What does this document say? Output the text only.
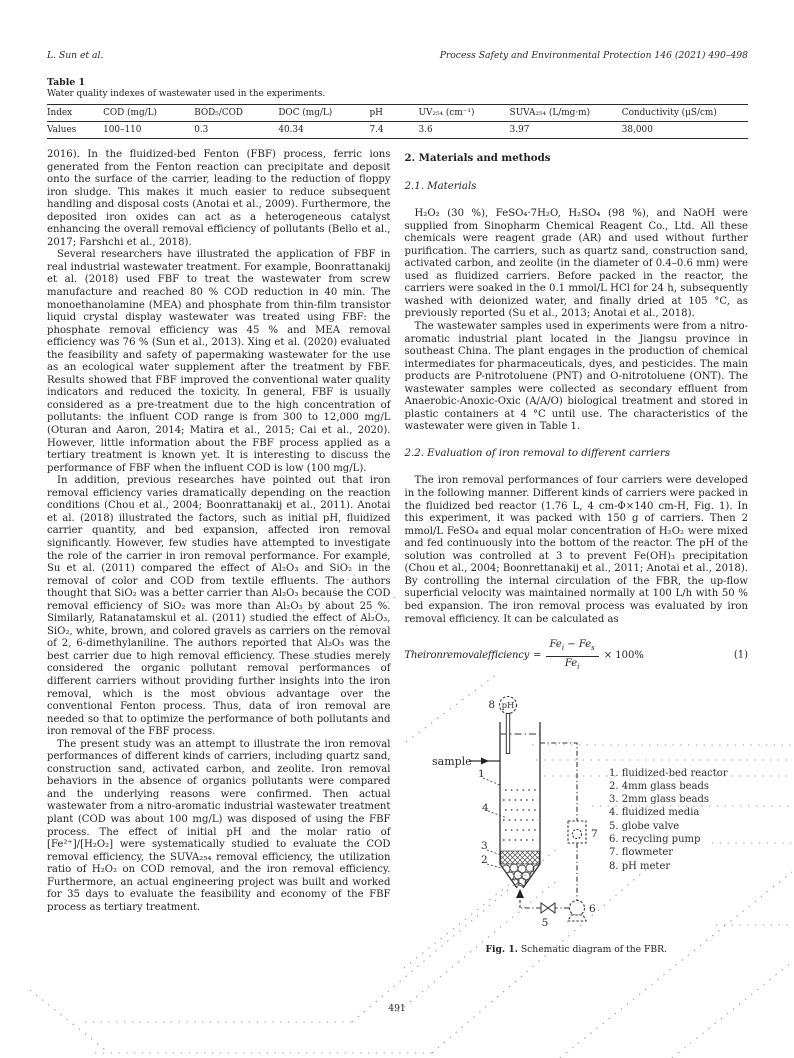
L. Sun et al.	Process Safety and Environmental Protection 146 (2021) 490–498
Table 1
Water quality indexes of wastewater used in the experiments.
Index	COD (mg/L)	BOD₅/COD	DOC (mg/L)	pH	UV₂₅₄ (cm⁻¹)	SUVA₂₅₄ (L/mg·m)	Conductivity (μS/cm)
Values	100–110	0.3	40.34	7.4	3.6	3.97	38,000

2016). In the fluidized-bed Fenton (FBF) process, ferric ions generated from the Fenton reaction can precipitate and deposit onto the surface of the carrier, leading to the reduction of floppy iron sludge. This makes it much easier to reduce subsequent handling and disposal costs (Anotai et al., 2009). Furthermore, the deposited iron oxides can act as a heterogeneous catalyst enhancing the overall removal efficiency of pollutants (Bello et al., 2017; Farshchi et al., 2018).

Several researchers have illustrated the application of FBF in real industrial wastewater treatment. For example, Boonrattanakij et al. (2018) used FBF to treat the wastewater from screw manufacture and reached 80 % COD reduction in 40 min. The monoethanolamine (MEA) and phosphate from thin-film transistor liquid crystal display wastewater was treated using FBF: the phosphate removal efficiency was 45 % and MEA removal efficiency was 76 % (Sun et al., 2013). Xing et al. (2020) evaluated the feasibility and safety of papermaking wastewater for the use as an ecological water supplement after the treatment by FBF. Results showed that FBF improved the conventional water quality indicators and reduced the toxicity. In general, FBF is usually considered as a pre-treatment due to the high concentration of pollutants: the influent COD range is from 300 to 12,000 mg/L (Oturan and Aaron, 2014; Matira et al., 2015; Cai et al., 2020). However, little information about the FBF process applied as a tertiary treatment is known yet. It is interesting to discuss the performance of FBF when the influent COD is low (100 mg/L).

In addition, previous researches have pointed out that iron removal efficiency varies dramatically depending on the reaction conditions (Chou et al., 2004; Boonrattanakij et al., 2011). Anotai et al. (2018) illustrated the factors, such as initial pH, fluidized carrier quantity, and bed expansion, affected iron removal significantly. However, few studies have attempted to investigate the role of the carrier in iron removal performance. For example, Su et al. (2011) compared the effect of Al₂O₃ and SiO₂ in the removal of color and COD from textile effluents. The authors thought that SiO₂ was a better carrier than Al₂O₃ because the COD removal efficiency of SiO₂ was more than Al₂O₃ by about 25 %. Similarly, Ratanatamskul et al. (2011) studied the effect of Al₂O₃, SiO₂, white, brown, and colored gravels as carriers on the removal of 2, 6-dimethylaniline. The authors reported that Al₂O₃ was the best carrier due to high removal efficiency. These studies merely considered the organic pollutant removal performances of different carriers without providing further insights into the iron removal, which is the most obvious advantage over the conventional Fenton process. Thus, data of iron removal are needed so that to optimize the performance of both pollutants and iron removal of the FBF process.

The present study was an attempt to illustrate the iron removal performances of different kinds of carriers, including quartz sand, construction sand, activated carbon, and zeolite. Iron removal behaviors in the absence of organics pollutants were compared and the underlying reasons were confirmed. Then actual wastewater from a nitro-aromatic industrial wastewater treatment plant (COD was about 100 mg/L) was disposed of using the FBF process. The effect of initial pH and the molar ratio of [Fe²⁺]/[H₂O₂] were systematically studied to evaluate the COD removal efficiency, the SUVA₂₅₄ removal efficiency, the utilization ratio of H₂O₂ on COD removal, and the iron removal efficiency. Furthermore, an actual engineering project was built and worked for 35 days to evaluate the feasibility and economy of the FBF process as tertiary treatment.

2. Materials and methods
2.1. Materials

H₂O₂ (30 %), FeSO₄·7H₂O, H₂SO₄ (98 %), and NaOH were supplied from Sinopharm Chemical Reagent Co., Ltd. All these chemicals were reagent grade (AR) and used without further purification. The carriers, such as quartz sand, construction sand, activated carbon, and zeolite (in the diameter of 0.4–0.6 mm) were used as fluidized carriers. Before packed in the reactor, the carriers were soaked in the 0.1 mmol/L HCl for 24 h, subsequently washed with deionized water, and finally dried at 105 °C, as previously reported (Su et al., 2013; Anotai et al., 2018).

The wastewater samples used in experiments were from a nitro-aromatic industrial plant located in the Jiangsu province in southeast China. The plant engages in the production of chemical intermediates for pharmaceuticals, dyes, and pesticides. The main products are P-nitrotoluene (PNT) and O-nitrotoluene (ONT). The wastewater samples were collected as secondary effluent from Anaerobic-Anoxic-Oxic (A/A/O) biological treatment and stored in plastic containers at 4 °C until use. The characteristics of the wastewater were given in Table 1.

2.2. Evaluation of iron removal to different carriers

The iron removal performances of four carriers were developed in the following manner. Different kinds of carriers were packed in the fluidized bed reactor (1.76 L, 4 cm-Φ×140 cm-H, Fig. 1). In this experiment, it was packed with 150 g of carriers. Then 2 mmol/L FeSO₄ and equal molar concentration of H₂O₂ were mixed and fed continuously into the bottom of the reactor. The pH of the solution was controlled at 3 to prevent Fe(OH)₃ precipitation (Chou et al., 2004; Boonrettanakij et al., 2011; Anotai et al., 2018). By controlling the internal circulation of the FBR, the up-flow superficial velocity was maintained normally at 100 L/h with 50 % bed expansion. The iron removal process was evaluated by iron removal efficiency. It can be calculated as

Theironremovalefficiency = $\frac{Fe_i - Fe_s}{Fe_i} \times 100\%$	(1)
pH
8
sample
1
4
3
2
7
6
5
1. fluidized-bed reactor
2. 4mm glass beads
3. 2mm glass beads
4. fluidized media
5. globe valve
6. recycling pump
7. flowmeter
8. pH meter
Fig. 1. Schematic diagram of the FBR.
491
